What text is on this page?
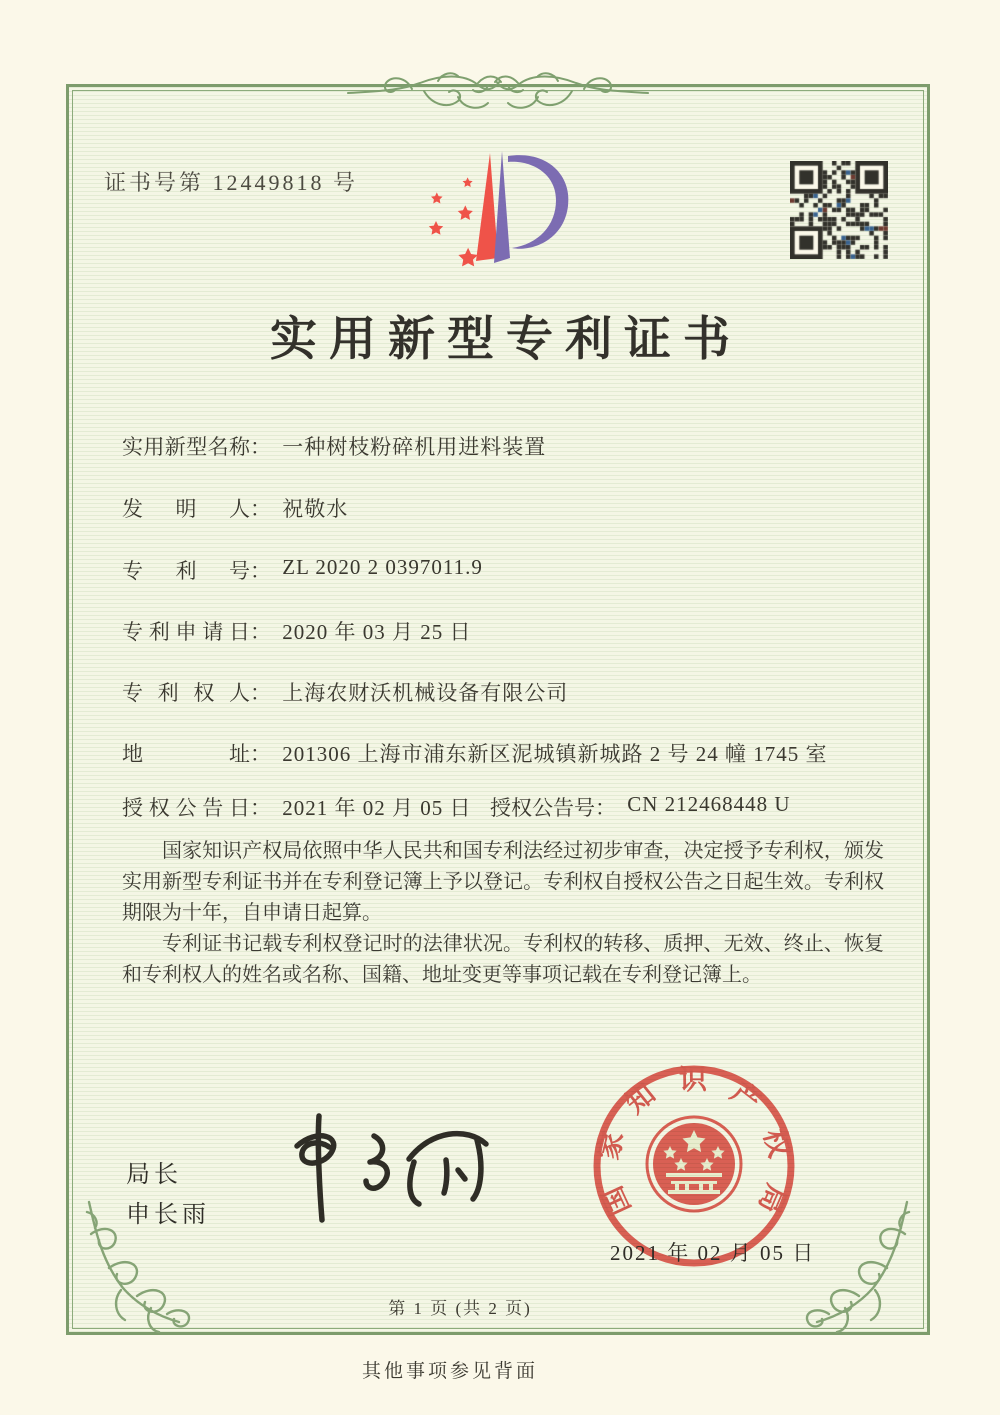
证书号第 12449818 号
实用新型专利证书
实用新型名称： 一种树枝粉碎机用进料装置
发明人： 祝敬水
专利号： ZL 2020 2 0397011.9
专利申请日： 2020 年 03 月 25 日
专利权人： 上海农财沃机械设备有限公司
地址： 201306 上海市浦东新区泥城镇新城路 2 号 24 幢 1745 室
授权公告日： 2021 年 02 月 05 日 授权公告号： CN 212468448 U

国家知识产权局依照中华人民共和国专利法经过初步审查，决定授予专利权，颁发实用新型专利证书并在专利登记簿上予以登记。专利权自授权公告之日起生效。专利权期限为十年，自申请日起算。

专利证书记载专利权登记时的法律状况。专利权的转移、质押、无效、终止、恢复和专利权人的姓名或名称、国籍、地址变更等事项记载在专利登记簿上。

局长
申长雨	国家知识产权局
2021 年 02 月 05 日
第 1 页 (共 2 页)
其他事项参见背面
